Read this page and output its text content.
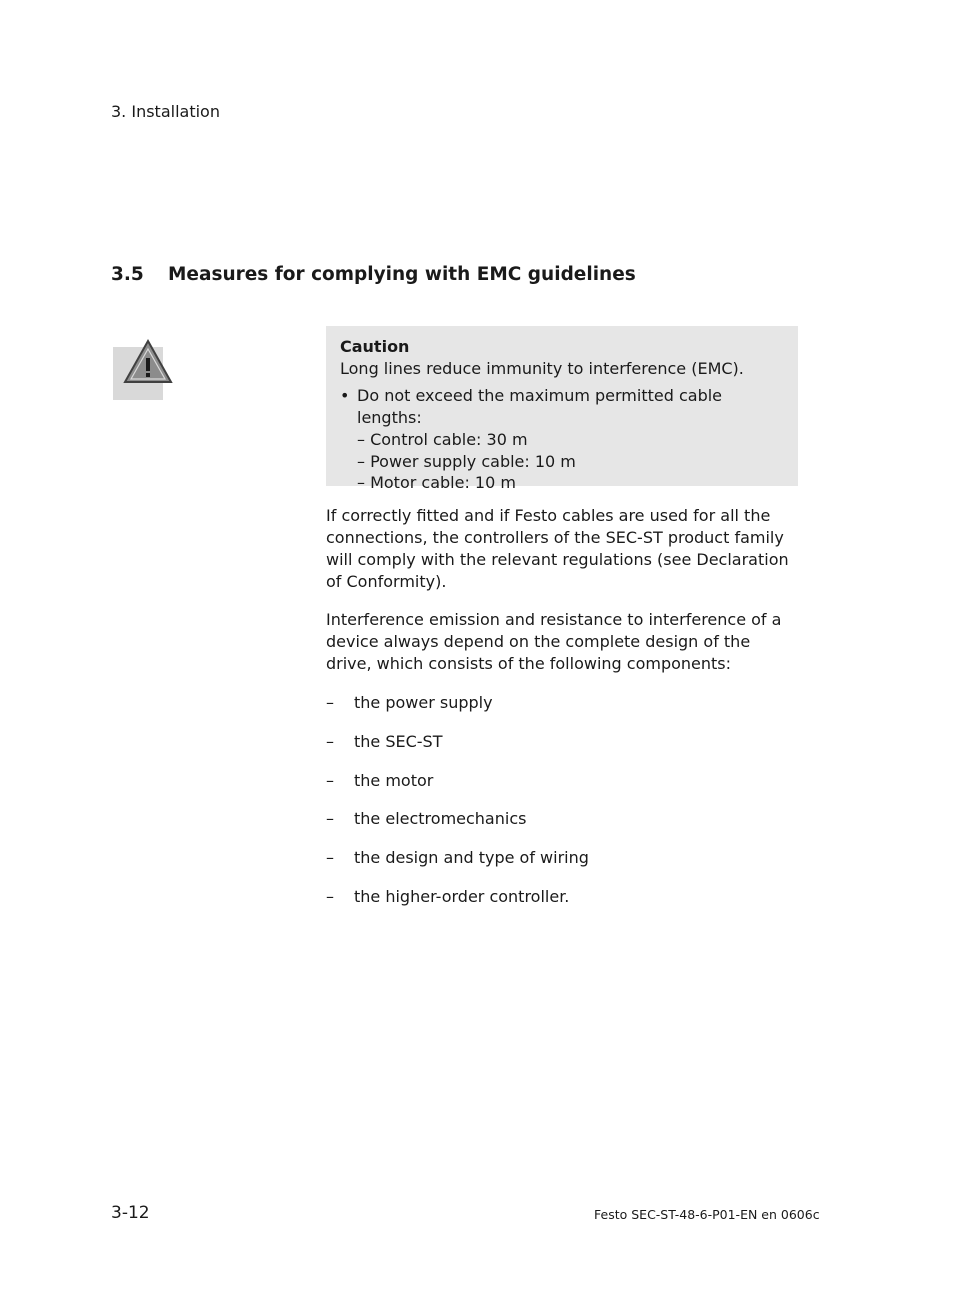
3. Installation
3.5 Measures for complying with EMC guidelines
Caution
Long lines reduce immunity to interference (EMC).
• Do not exceed the maximum permitted cable lengths:
– Control cable: 30 m
– Power supply cable: 10 m
– Motor cable: 10 m
If correctly fitted and if Festo cables are used for all the connections, the controllers of the SEC-ST product family will comply with the relevant regulations (see Declaration of Conformity).
Interference emission and resistance to interference of a device always depend on the complete design of the drive, which consists of the following components:
– the power supply
– the SEC-ST
– the motor
– the electromechanics
– the design and type of wiring
– the higher-order controller.
3-12	Festo SEC-ST-48-6-P01-EN en 0606c
